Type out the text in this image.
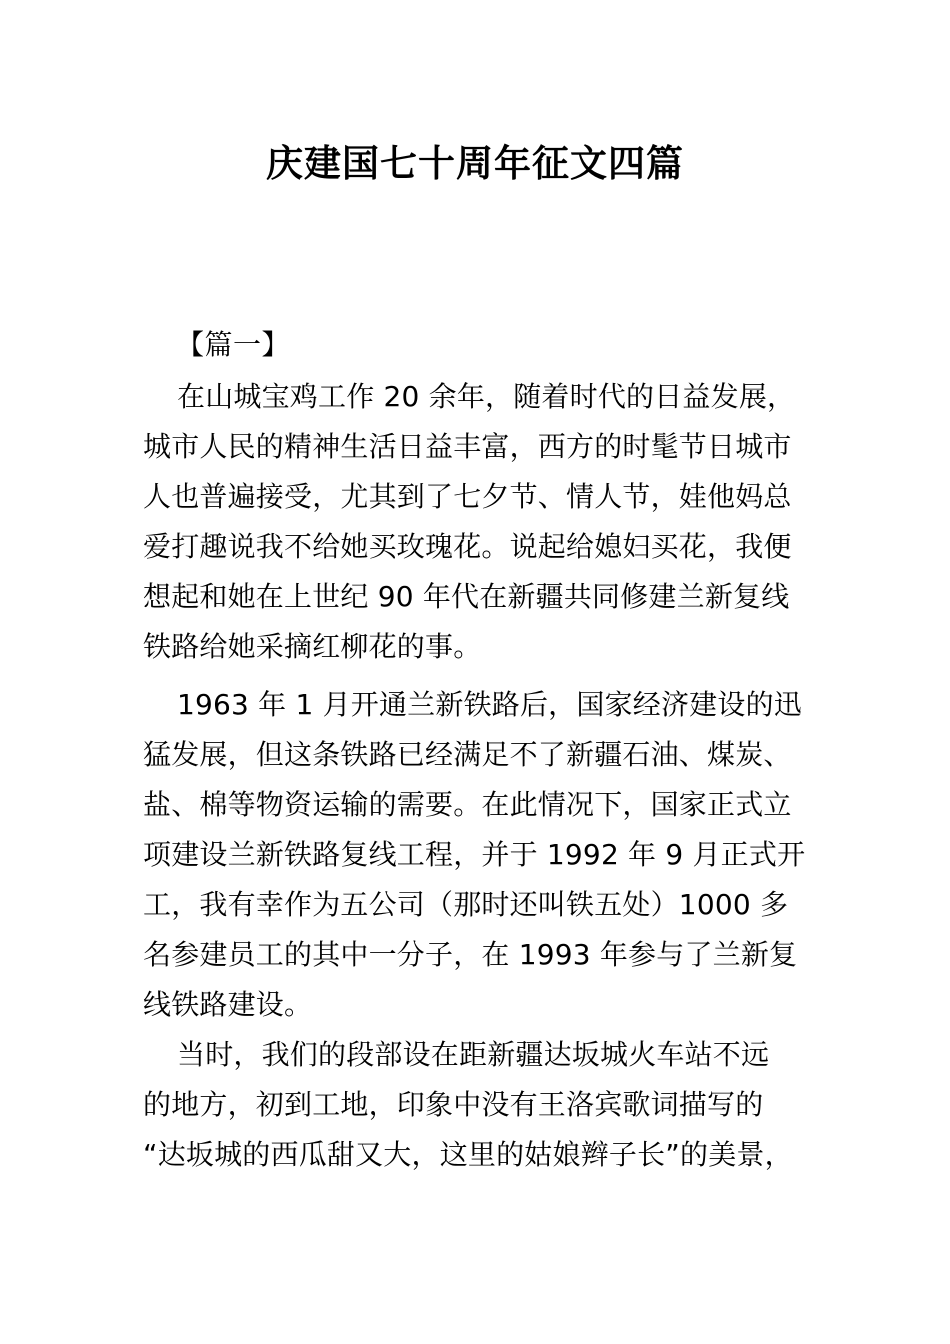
庆建国七十周年征文四篇
【篇一】
在山城宝鸡工作 20 余年，随着时代的日益发展，
城市人民的精神生活日益丰富，西方的时髦节日城市
人也普遍接受，尤其到了七夕节、情人节，娃他妈总
爱打趣说我不给她买玫瑰花。说起给媳妇买花，我便
想起和她在上世纪 90 年代在新疆共同修建兰新复线
铁路给她采摘红柳花的事。
1963 年 1 月开通兰新铁路后，国家经济建设的迅
猛发展，但这条铁路已经满足不了新疆石油、煤炭、
盐、棉等物资运输的需要。在此情况下，国家正式立
项建设兰新铁路复线工程，并于 1992 年 9 月正式开
工，我有幸作为五公司（那时还叫铁五处）1000 多
名参建员工的其中一分子，在 1993 年参与了兰新复
线铁路建设。
当时，我们的段部设在距新疆达坂城火车站不远
的地方，初到工地，印象中没有王洛宾歌词描写的
“达坂城的西瓜甜又大，这里的姑娘辫子长”的美景，
